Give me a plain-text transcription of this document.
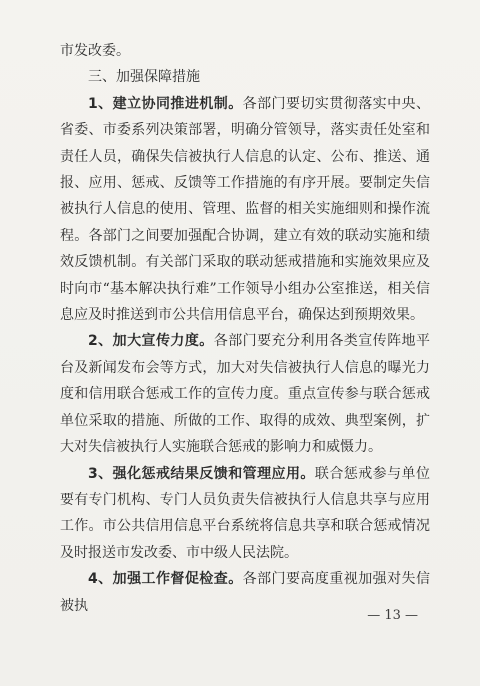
市发改委。

三、加强保障措施

1、建立协同推进机制。各部门要切实贯彻落实中央、省委、市委系列决策部署，明确分管领导，落实责任处室和责任人员，确保失信被执行人信息的认定、公布、推送、通报、应用、惩戒、反馈等工作措施的有序开展。要制定失信被执行人信息的使用、管理、监督的相关实施细则和操作流程。各部门之间要加强配合协调，建立有效的联动实施和绩效反馈机制。有关部门采取的联动惩戒措施和实施效果应及时向市“基本解决执行难”工作领导小组办公室推送，相关信息应及时推送到市公共信用信息平台，确保达到预期效果。

2、加大宣传力度。各部门要充分利用各类宣传阵地平台及新闻发布会等方式，加大对失信被执行人信息的曝光力度和信用联合惩戒工作的宣传力度。重点宣传参与联合惩戒单位采取的措施、所做的工作、取得的成效、典型案例，扩大对失信被执行人实施联合惩戒的影响力和威慑力。

3、强化惩戒结果反馈和管理应用。联合惩戒参与单位要有专门机构、专门人员负责失信被执行人信息共享与应用工作。市公共信用信息平台系统将信息共享和联合惩戒情况及时报送市发改委、市中级人民法院。

4、加强工作督促检查。各部门要高度重视加强对失信被执

— 13 —
